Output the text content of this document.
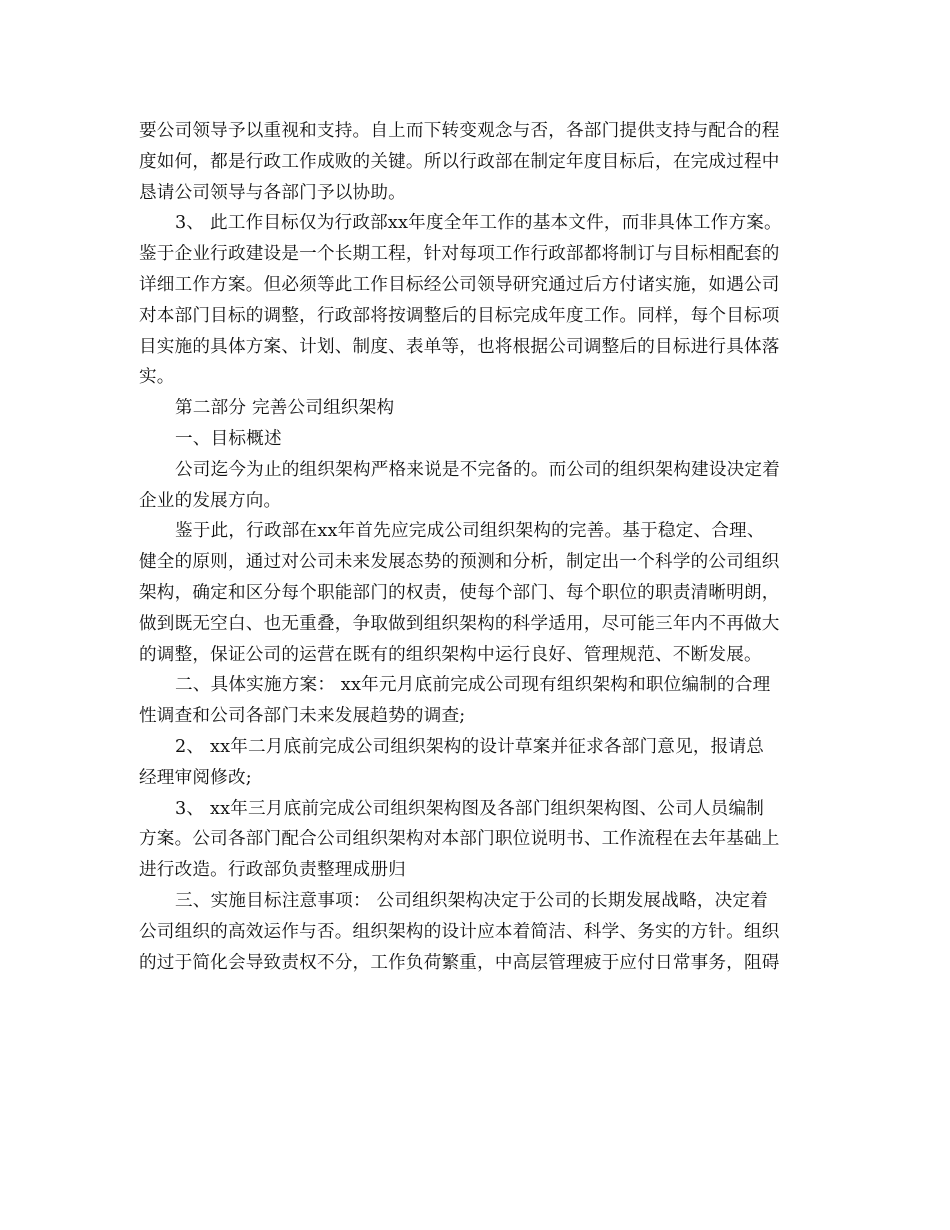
要公司领导予以重视和支持。自上而下转变观念与否，各部门提供支持与配合的程
度如何，都是行政工作成败的关键。所以行政部在制定年度目标后，在完成过程中
恳请公司领导与各部门予以协助。
3、 此工作目标仅为行政部xx年度全年工作的基本文件，而非具体工作方案。
鉴于企业行政建设是一个长期工程，针对每项工作行政部都将制订与目标相配套的
详细工作方案。但必须等此工作目标经公司领导研究通过后方付诸实施，如遇公司
对本部门目标的调整，行政部将按调整后的目标完成年度工作。同样，每个目标项
目实施的具体方案、计划、制度、表单等，也将根据公司调整后的目标进行具体落
实。
第二部分 完善公司组织架构
一、目标概述
公司迄今为止的组织架构严格来说是不完备的。而公司的组织架构建设决定着
企业的发展方向。
鉴于此，行政部在xx年首先应完成公司组织架构的完善。基于稳定、合理、
健全的原则，通过对公司未来发展态势的预测和分析，制定出一个科学的公司组织
架构，确定和区分每个职能部门的权责，使每个部门、每个职位的职责清晰明朗，
做到既无空白、也无重叠，争取做到组织架构的科学适用，尽可能三年内不再做大
的调整，保证公司的运营在既有的组织架构中运行良好、管理规范、不断发展。
二、具体实施方案： xx年元月底前完成公司现有组织架构和职位编制的合理
性调查和公司各部门未来发展趋势的调查;
2、 xx年二月底前完成公司组织架构的设计草案并征求各部门意见，报请总
经理审阅修改;
3、 xx年三月底前完成公司组织架构图及各部门组织架构图、公司人员编制
方案。公司各部门配合公司组织架构对本部门职位说明书、工作流程在去年基础上
进行改造。行政部负责整理成册归
三、实施目标注意事项： 公司组织架构决定于公司的长期发展战略，决定着
公司组织的高效运作与否。组织架构的设计应本着简洁、科学、务实的方针。组织
的过于简化会导致责权不分，工作负荷繁重，中高层管理疲于应付日常事务，阻碍
